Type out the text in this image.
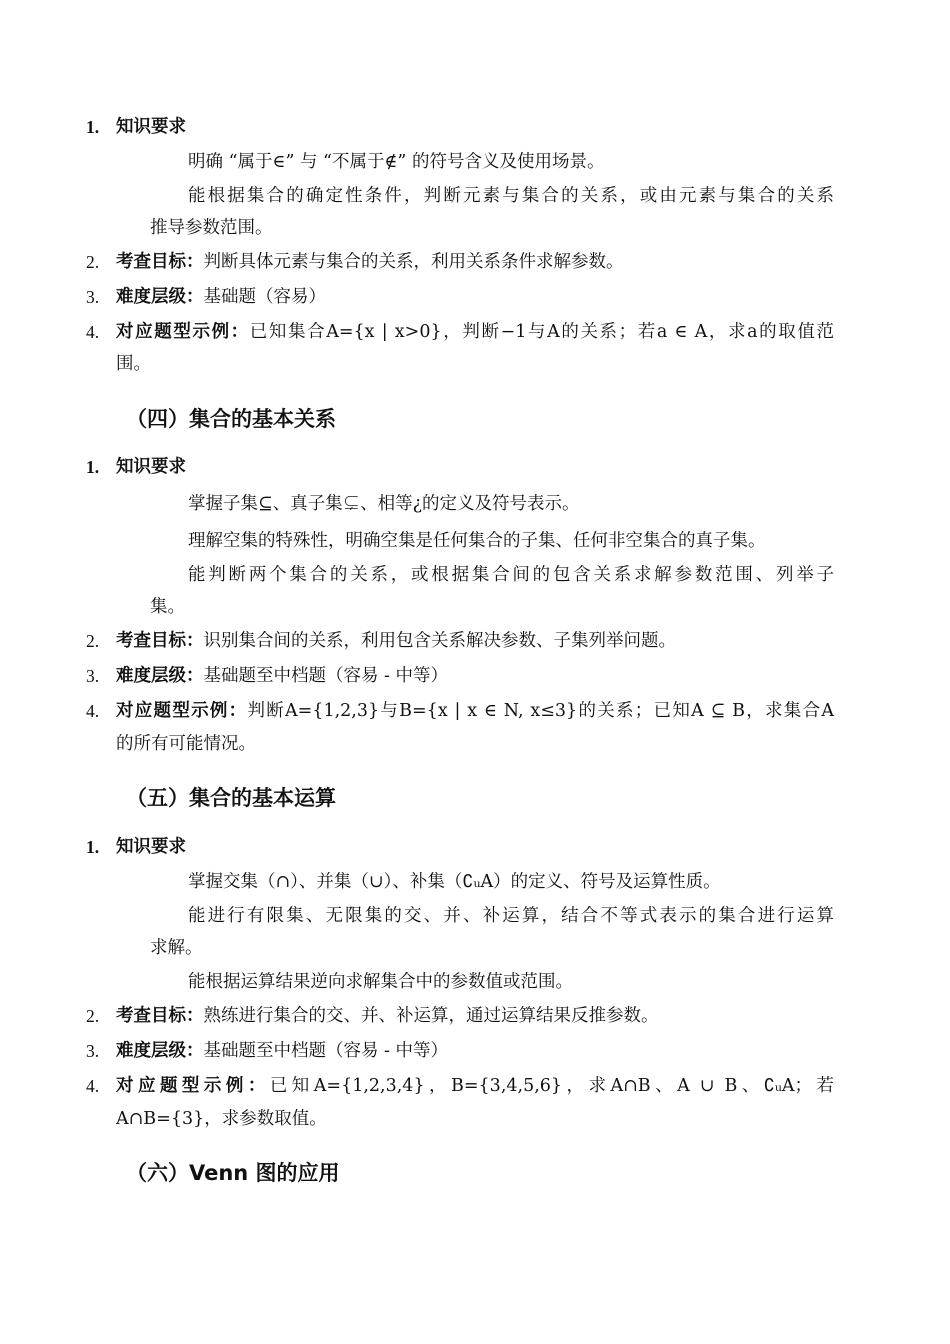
1. 知识要求
明确 “属于∈” 与 “不属于∉” 的符号含义及使用场景。
能根据集合的确定性条件，判断元素与集合的关系，或由元素与集合的关系
推导参数范围。
2. 考查目标：判断具体元素与集合的关系，利用关系条件求解参数。
3. 难度层级：基础题（容易）
4. 对应题型示例：已知集合A={x | x>0}，判断−1与A的关系；若a ∈ A，求a的取值范
围。
（四）集合的基本关系
1. 知识要求
掌握子集⊆、真子集⊊、相等¿的定义及符号表示。
理解空集的特殊性，明确空集是任何集合的子集、任何非空集合的真子集。
能判断两个集合的关系，或根据集合间的包含关系求解参数范围、列举子
集。
2. 考查目标：识别集合间的关系，利用包含关系解决参数、子集列举问题。
3. 难度层级：基础题至中档题（容易 - 中等）
4. 对应题型示例：判断A={1,2,3}与B={x | x ∈ N, x≤3}的关系；已知A ⊆ B，求集合A
的所有可能情况。
（五）集合的基本运算
1. 知识要求
掌握交集（∩）、并集（∪）、补集（∁ᵤA）的定义、符号及运算性质。
能进行有限集、无限集的交、并、补运算，结合不等式表示的集合进行运算
求解。
能根据运算结果逆向求解集合中的参数值或范围。
2. 考查目标：熟练进行集合的交、并、补运算，通过运算结果反推参数。
3. 难度层级：基础题至中档题（容易 - 中等）
4. 对应题型示例：已知A={1,2,3,4}，B={3,4,5,6}，求A∩B、A ∪ B、∁ᵤA；若
A∩B={3}，求参数取值。
（六）Venn 图的应用
